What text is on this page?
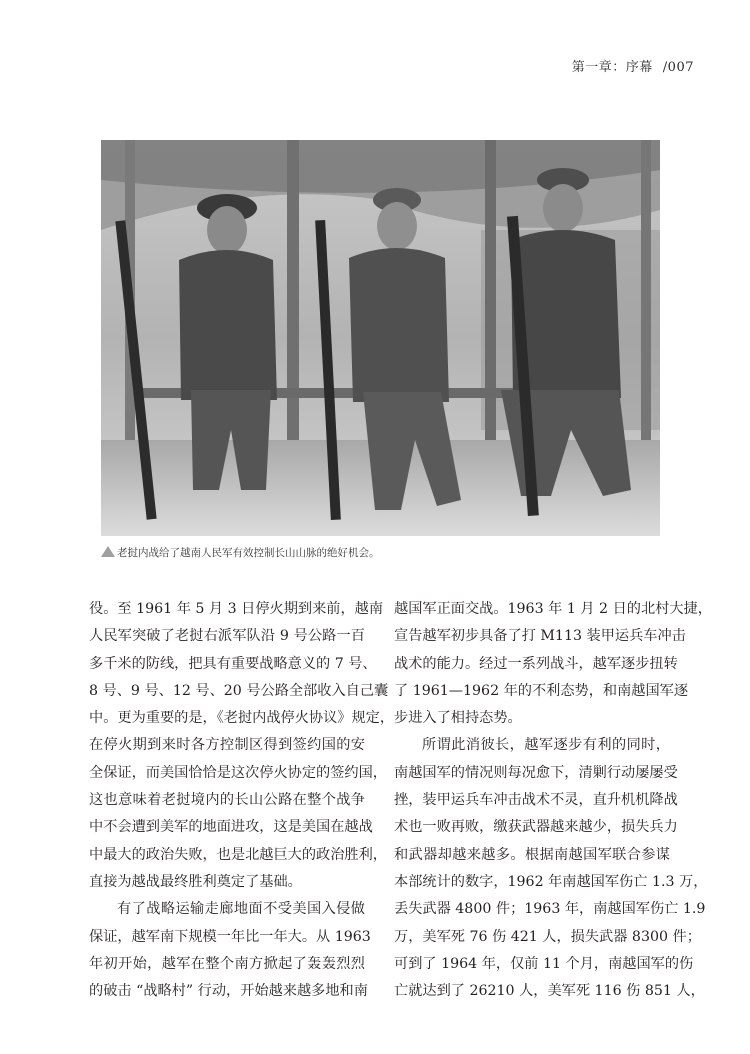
第一章：序幕 /007
老挝内战给了越南人民军有效控制长山山脉的绝好机会。
役。至 1961 年 5 月 3 日停火期到来前，越南
人民军突破了老挝右派军队沿 9 号公路一百
多千米的防线，把具有重要战略意义的 7 号、
8 号、9 号、12 号、20 号公路全部收入自己囊
中。更为重要的是，《老挝内战停火协议》规定，
在停火期到来时各方控制区得到签约国的安
全保证，而美国恰恰是这次停火协定的签约国，
这也意味着老挝境内的长山公路在整个战争
中不会遭到美军的地面进攻，这是美国在越战
中最大的政治失败，也是北越巨大的政治胜利，
直接为越战最终胜利奠定了基础。
有了战略运输走廊地面不受美国入侵做
保证，越军南下规模一年比一年大。从 1963
年初开始，越军在整个南方掀起了轰轰烈烈
的破击 “战略村” 行动，开始越来越多地和南
越国军正面交战。1963 年 1 月 2 日的北村大捷，
宣告越军初步具备了打 M113 装甲运兵车冲击
战术的能力。经过一系列战斗，越军逐步扭转
了 1961—1962 年的不利态势，和南越国军逐
步进入了相持态势。
所谓此消彼长，越军逐步有利的同时，
南越国军的情况则每况愈下，清剿行动屡屡受
挫，装甲运兵车冲击战术不灵，直升机机降战
术也一败再败，缴获武器越来越少，损失兵力
和武器却越来越多。根据南越国军联合参谋
本部统计的数字，1962 年南越国军伤亡 1.3 万，
丢失武器 4800 件；1963 年，南越国军伤亡 1.9
万，美军死 76 伤 421 人，损失武器 8300 件；
可到了 1964 年，仅前 11 个月，南越国军的伤
亡就达到了 26210 人，美军死 116 伤 851 人，
